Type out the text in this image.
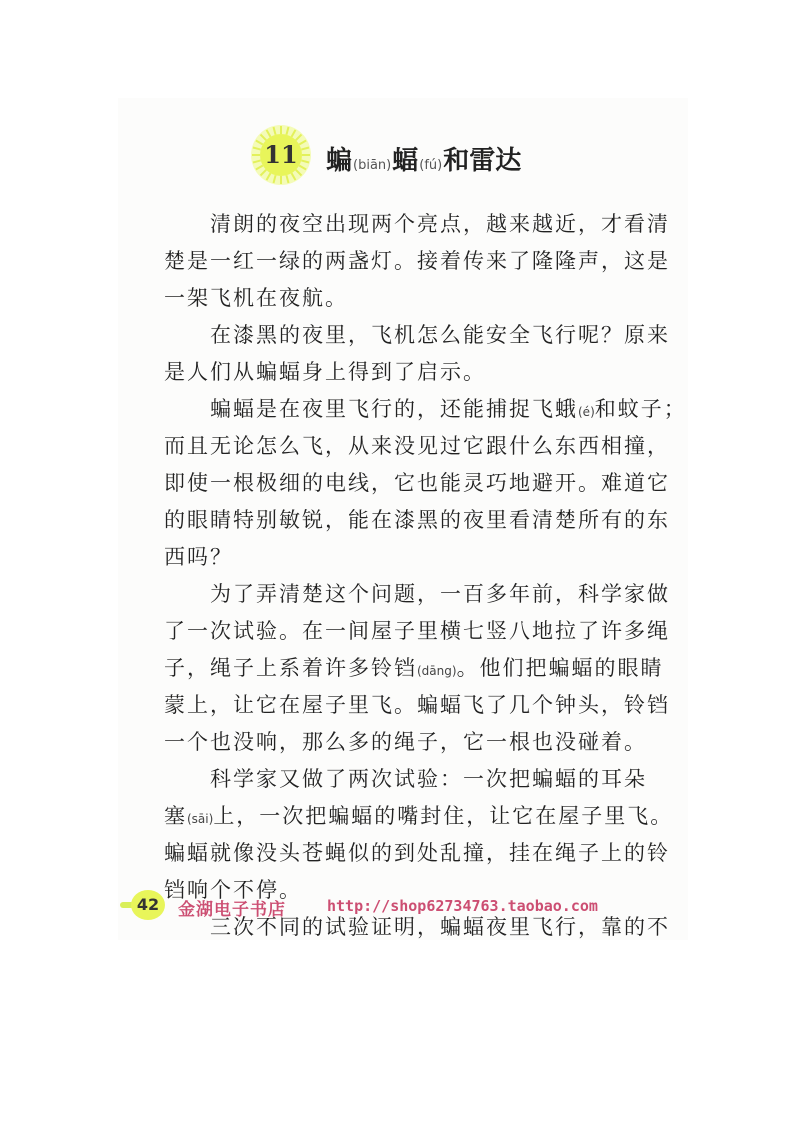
11	蝙 (biān) 蝠 (fú) 和雷达
　　清朗的夜空出现两个亮点，越来越近，才看清
楚是一红一绿的两盏灯。接着传来了隆隆声，这是
一架飞机在夜航。
　　在漆黑的夜里，飞机怎么能安全飞行呢？原来
是人们从蝙蝠身上得到了启示。
　　蝙蝠是在夜里飞行的，还能捕捉飞蛾(é)和蚊子；
而且无论怎么飞，从来没见过它跟什么东西相撞，
即使一根极细的电线，它也能灵巧地避开。难道它
的眼睛特别敏锐，能在漆黑的夜里看清楚所有的东
西吗？
　　为了弄清楚这个问题，一百多年前，科学家做
了一次试验。在一间屋子里横七竖八地拉了许多绳
子，绳子上系着许多铃铛(dāng)。他们把蝙蝠的眼睛
蒙上，让它在屋子里飞。蝙蝠飞了几个钟头，铃铛
一个也没响，那么多的绳子，它一根也没碰着。
　　科学家又做了两次试验：一次把蝙蝠的耳朵
塞(sāi)上，一次把蝙蝠的嘴封住，让它在屋子里飞。
蝙蝠就像没头苍蝇似的到处乱撞，挂在绳子上的铃
铛响个不停。
　　三次不同的试验证明，蝙蝠夜里飞行，靠的不
42 金湖电子书店	http://shop62734763.taobao.com
